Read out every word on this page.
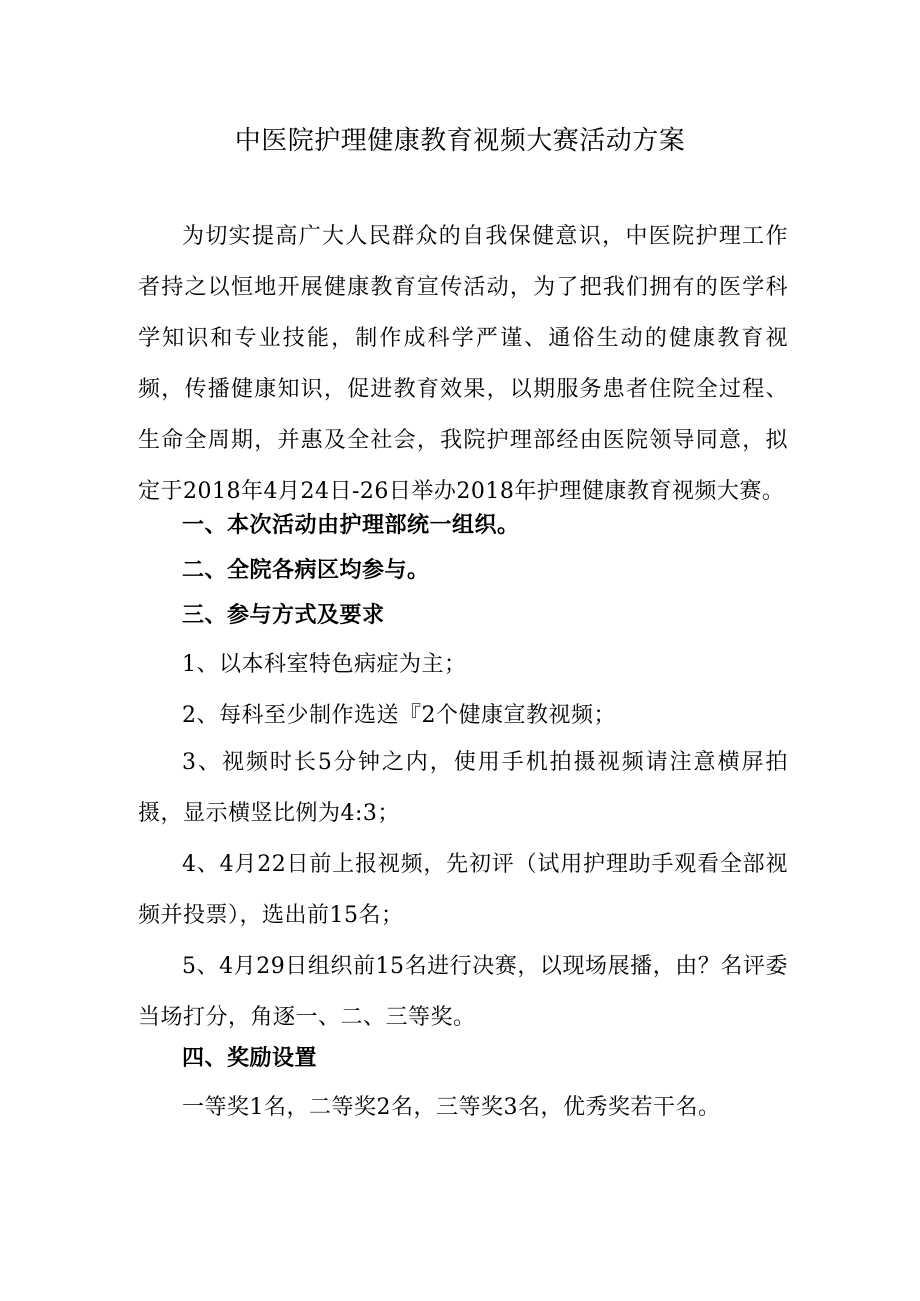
中医院护理健康教育视频大赛活动方案

为切实提高广大人民群众的自我保健意识，中医院护理工作者持之以恒地开展健康教育宣传活动，为了把我们拥有的医学科学知识和专业技能，制作成科学严谨、通俗生动的健康教育视频，传播健康知识，促进教育效果，以期服务患者住院全过程、生命全周期，并惠及全社会，我院护理部经由医院领导同意，拟定于2018年4月24日-26日举办2018年护理健康教育视频大赛。

一、本次活动由护理部统一组织。

二、全院各病区均参与。

三、参与方式及要求

1、以本科室特色病症为主；

2、每科至少制作选送『2个健康宣教视频；

3、视频时长5分钟之内，使用手机拍摄视频请注意横屏拍摄，显示横竖比例为4:3；

4、4月22日前上报视频，先初评（试用护理助手观看全部视频并投票），选出前15名；

5、4月29日组织前15名进行决赛，以现场展播，由？名评委当场打分，角逐一、二、三等奖。

四、奖励设置

一等奖1名，二等奖2名，三等奖3名，优秀奖若干名。
